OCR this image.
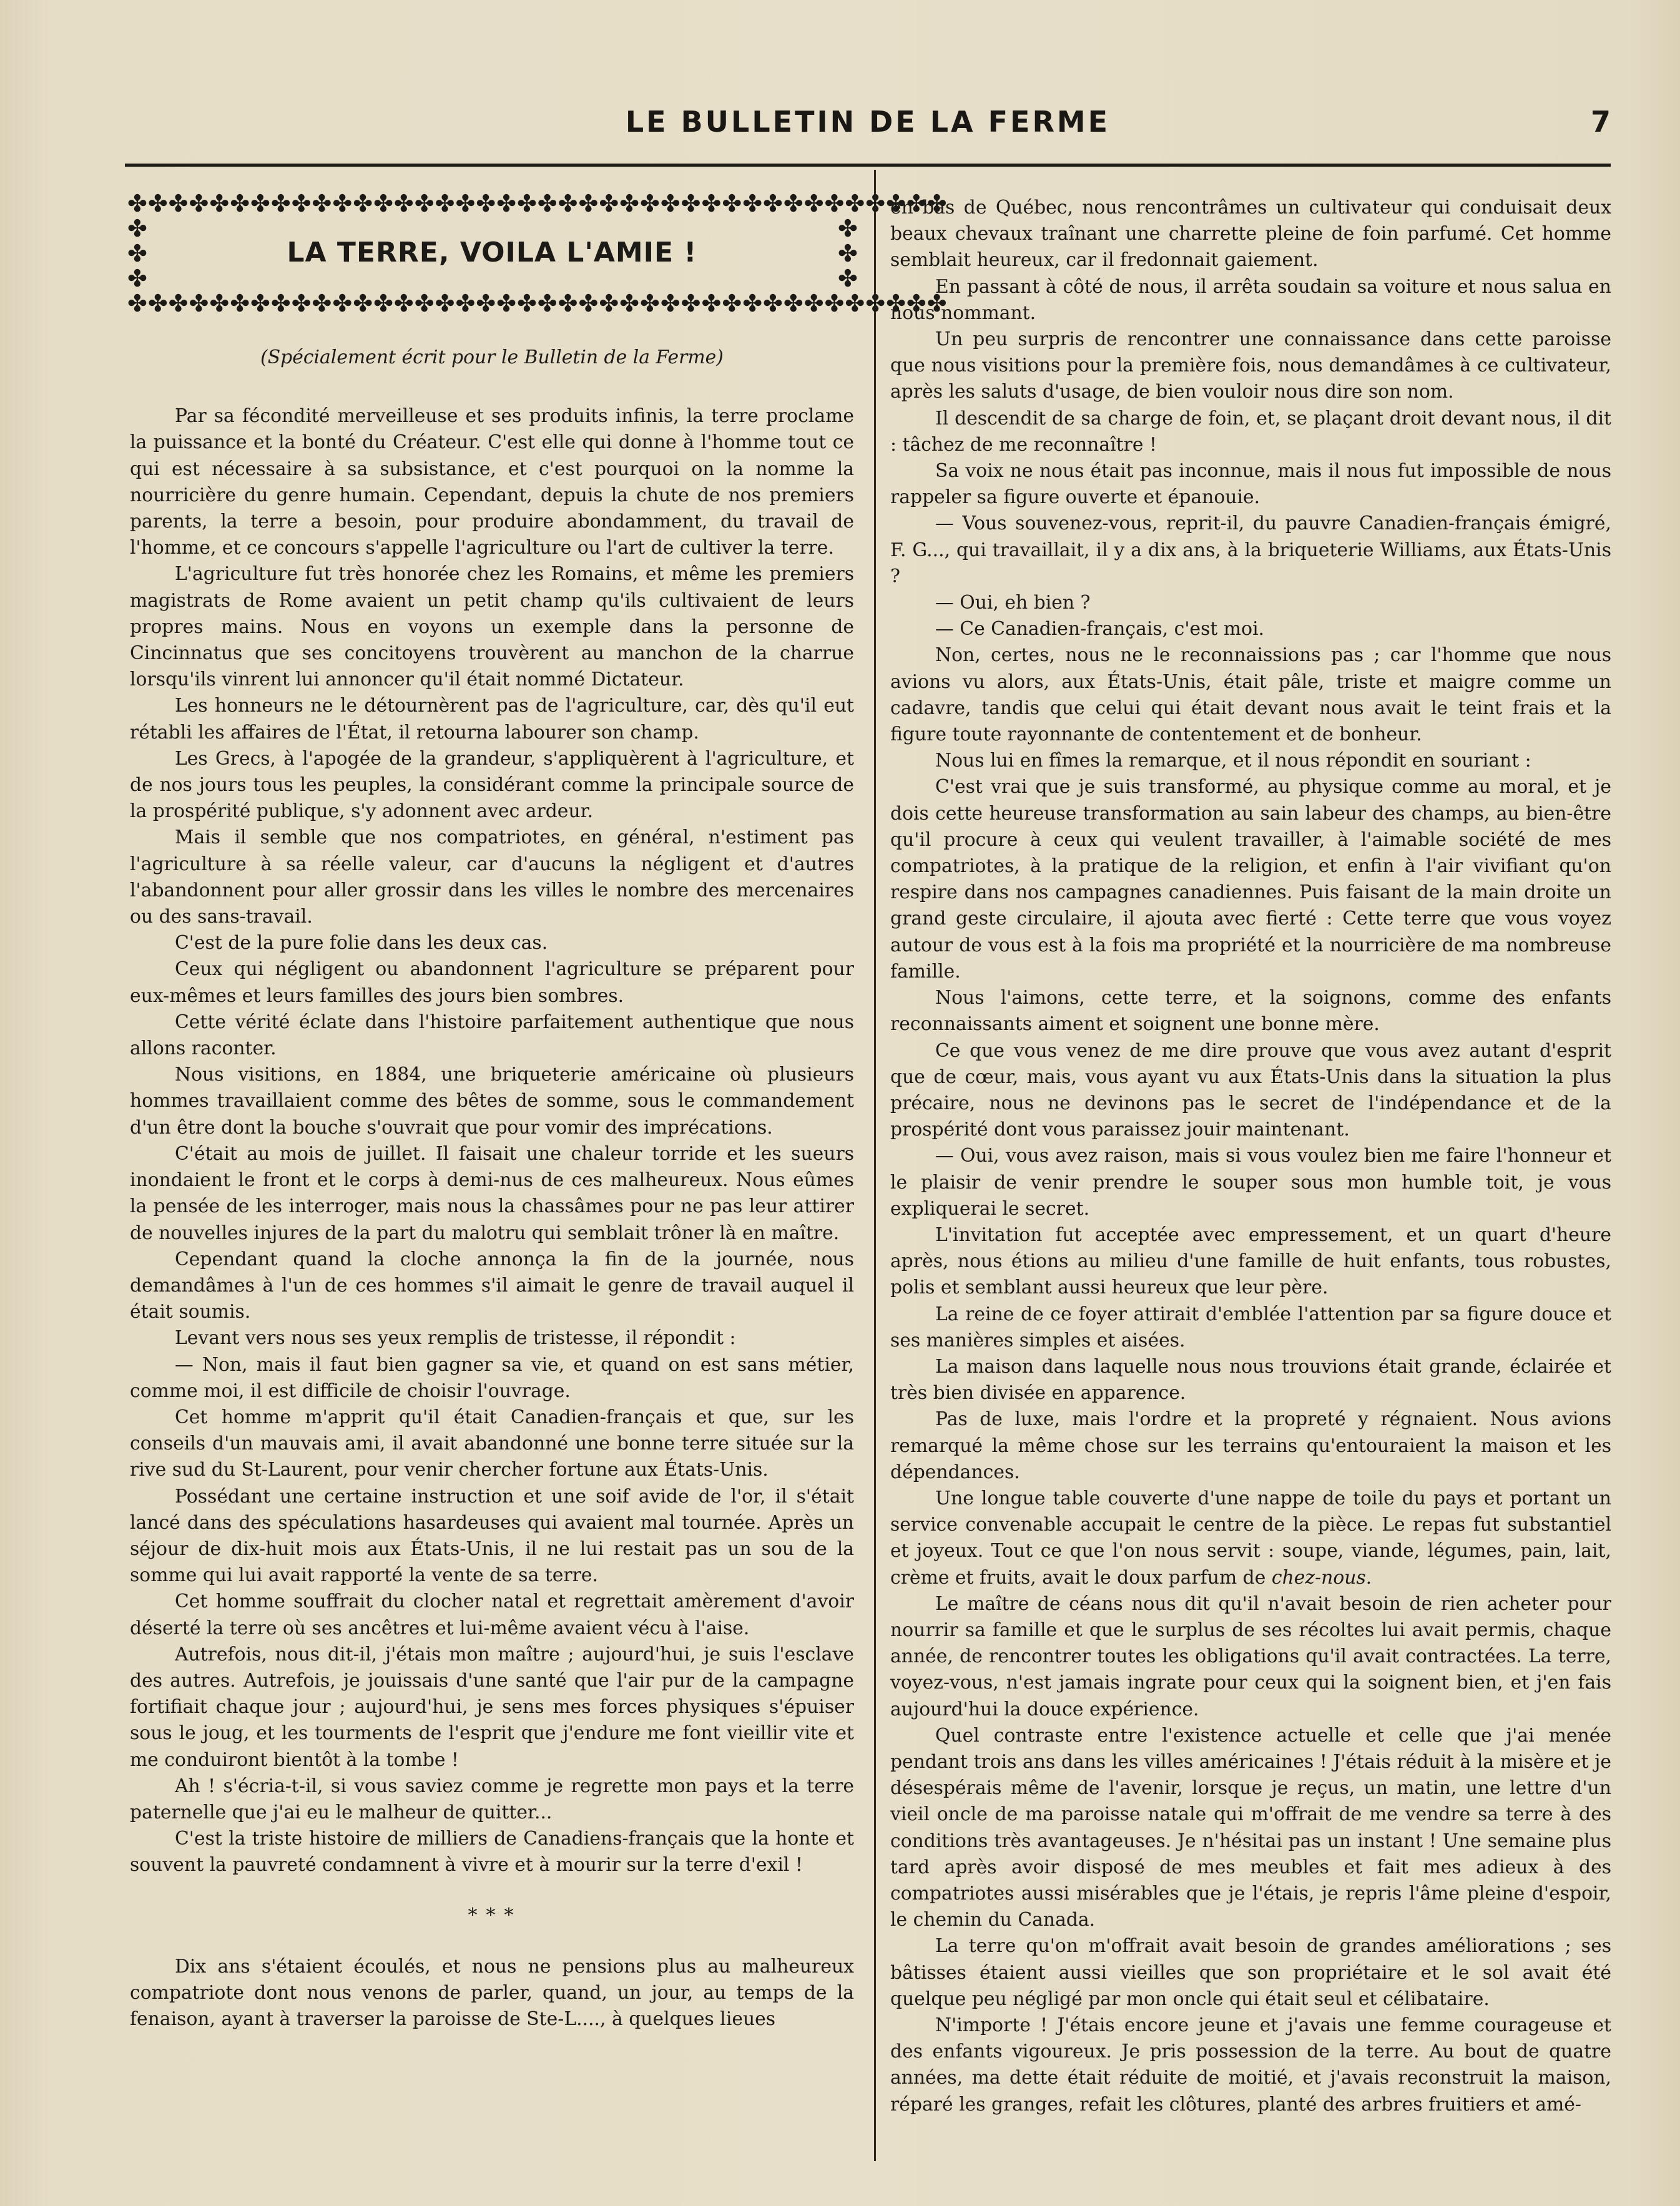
LE BULLETIN DE LA FERME	7
✤✤✤✤✤✤✤✤✤✤✤✤✤✤✤✤✤✤✤✤✤✤✤✤✤✤✤✤✤✤✤✤✤✤✤✤✤✤✤✤
✤
✤
✤
✤
✤
✤
✤✤✤✤✤✤✤✤✤✤✤✤✤✤✤✤✤✤✤✤✤✤✤✤✤✤✤✤✤✤✤✤✤✤✤✤✤✤✤✤
LA TERRE, VOILA L'AMIE !
(Spécialement écrit pour le Bulletin de la Ferme)

Par sa fécondité merveilleuse et ses produits infinis, la terre proclame la puissance et la bonté du Créateur. C'est elle qui donne à l'homme tout ce qui est nécessaire à sa subsistance, et c'est pourquoi on la nomme la nourricière du genre humain. Cependant, depuis la chute de nos premiers parents, la terre a besoin, pour produire abondamment, du travail de l'homme, et ce concours s'appelle l'agriculture ou l'art de cultiver la terre.

L'agriculture fut très honorée chez les Romains, et même les premiers magistrats de Rome avaient un petit champ qu'ils cultivaient de leurs propres mains. Nous en voyons un exemple dans la personne de Cincinnatus que ses concitoyens trouvèrent au manchon de la charrue lorsqu'ils vinrent lui annoncer qu'il était nommé Dictateur.

Les honneurs ne le détournèrent pas de l'agriculture, car, dès qu'il eut rétabli les affaires de l'État, il retourna labourer son champ.

Les Grecs, à l'apogée de la grandeur, s'appliquèrent à l'agriculture, et de nos jours tous les peuples, la considérant comme la principale source de la prospérité publique, s'y adonnent avec ardeur.

Mais il semble que nos compatriotes, en général, n'estiment pas l'agriculture à sa réelle valeur, car d'aucuns la négligent et d'autres l'abandonnent pour aller grossir dans les villes le nombre des mercenaires ou des sans-travail.

C'est de la pure folie dans les deux cas.

Ceux qui négligent ou abandonnent l'agriculture se préparent pour eux-mêmes et leurs familles des jours bien sombres.

Cette vérité éclate dans l'histoire parfaitement authentique que nous allons raconter.

Nous visitions, en 1884, une briqueterie américaine où plusieurs hommes travaillaient comme des bêtes de somme, sous le commandement d'un être dont la bouche s'ouvrait que pour vomir des imprécations.

C'était au mois de juillet. Il faisait une chaleur torride et les sueurs inondaient le front et le corps à demi-nus de ces malheureux. Nous eûmes la pensée de les interroger, mais nous la chassâmes pour ne pas leur attirer de nouvelles injures de la part du malotru qui semblait trôner là en maître.

Cependant quand la cloche annonça la fin de la journée, nous demandâmes à l'un de ces hommes s'il aimait le genre de travail auquel il était soumis.

Levant vers nous ses yeux remplis de tristesse, il répondit :

— Non, mais il faut bien gagner sa vie, et quand on est sans métier, comme moi, il est difficile de choisir l'ouvrage.

Cet homme m'apprit qu'il était Canadien-français et que, sur les conseils d'un mauvais ami, il avait abandonné une bonne terre située sur la rive sud du St-Laurent, pour venir chercher fortune aux États-Unis.

Possédant une certaine instruction et une soif avide de l'or, il s'était lancé dans des spéculations hasardeuses qui avaient mal tournée. Après un séjour de dix-huit mois aux États-Unis, il ne lui restait pas un sou de la somme qui lui avait rapporté la vente de sa terre.

Cet homme souffrait du clocher natal et regrettait amèrement d'avoir déserté la terre où ses ancêtres et lui-même avaient vécu à l'aise.

Autrefois, nous dit-il, j'étais mon maître ; aujourd'hui, je suis l'esclave des autres. Autrefois, je jouissais d'une santé que l'air pur de la campagne fortifiait chaque jour ; aujourd'hui, je sens mes forces physiques s'épuiser sous le joug, et les tourments de l'esprit que j'endure me font vieillir vite et me conduiront bientôt à la tombe !

Ah ! s'écria-t-il, si vous saviez comme je regrette mon pays et la terre paternelle que j'ai eu le malheur de quitter...

C'est la triste histoire de milliers de Canadiens-français que la honte et souvent la pauvreté condamnent à vivre et à mourir sur la terre d'exil !

* * *

Dix ans s'étaient écoulés, et nous ne pensions plus au malheureux compatriote dont nous venons de parler, quand, un jour, au temps de la fenaison, ayant à traverser la paroisse de Ste-L...., à quelques lieues

en bas de Québec, nous rencontrâmes un cultivateur qui conduisait deux beaux chevaux traînant une charrette pleine de foin parfumé. Cet homme semblait heureux, car il fredonnait gaiement.

En passant à côté de nous, il arrêta soudain sa voiture et nous salua en nous nommant.

Un peu surpris de rencontrer une connaissance dans cette paroisse que nous visitions pour la première fois, nous demandâmes à ce cultivateur, après les saluts d'usage, de bien vouloir nous dire son nom.

Il descendit de sa charge de foin, et, se plaçant droit devant nous, il dit : tâchez de me reconnaître !

Sa voix ne nous était pas inconnue, mais il nous fut impossible de nous rappeler sa figure ouverte et épanouie.

— Vous souvenez-vous, reprit-il, du pauvre Canadien-français émigré, F. G..., qui travaillait, il y a dix ans, à la briqueterie Williams, aux États-Unis ?

— Oui, eh bien ?

— Ce Canadien-français, c'est moi.

Non, certes, nous ne le reconnaissions pas ; car l'homme que nous avions vu alors, aux États-Unis, était pâle, triste et maigre comme un cadavre, tandis que celui qui était devant nous avait le teint frais et la figure toute rayonnante de contentement et de bonheur.

Nous lui en fîmes la remarque, et il nous répondit en souriant :

C'est vrai que je suis transformé, au physique comme au moral, et je dois cette heureuse transformation au sain labeur des champs, au bien-être qu'il procure à ceux qui veulent travailler, à l'aimable société de mes compatriotes, à la pratique de la religion, et enfin à l'air vivifiant qu'on respire dans nos campagnes canadiennes. Puis faisant de la main droite un grand geste circulaire, il ajouta avec fierté : Cette terre que vous voyez autour de vous est à la fois ma propriété et la nourricière de ma nombreuse famille.

Nous l'aimons, cette terre, et la soignons, comme des enfants reconnaissants aiment et soignent une bonne mère.

Ce que vous venez de me dire prouve que vous avez autant d'esprit que de cœur, mais, vous ayant vu aux États-Unis dans la situation la plus précaire, nous ne devinons pas le secret de l'indépendance et de la prospérité dont vous paraissez jouir maintenant.

— Oui, vous avez raison, mais si vous voulez bien me faire l'honneur et le plaisir de venir prendre le souper sous mon humble toit, je vous expliquerai le secret.

L'invitation fut acceptée avec empressement, et un quart d'heure après, nous étions au milieu d'une famille de huit enfants, tous robustes, polis et semblant aussi heureux que leur père.

La reine de ce foyer attirait d'emblée l'attention par sa figure douce et ses manières simples et aisées.

La maison dans laquelle nous nous trouvions était grande, éclairée et très bien divisée en apparence.

Pas de luxe, mais l'ordre et la propreté y régnaient. Nous avions remarqué la même chose sur les terrains qu'entouraient la maison et les dépendances.

Une longue table couverte d'une nappe de toile du pays et portant un service convenable accupait le centre de la pièce. Le repas fut substantiel et joyeux. Tout ce que l'on nous servit : soupe, viande, légumes, pain, lait, crème et fruits, avait le doux parfum de chez-nous.

Le maître de céans nous dit qu'il n'avait besoin de rien acheter pour nourrir sa famille et que le surplus de ses récoltes lui avait permis, chaque année, de rencontrer toutes les obligations qu'il avait contractées. La terre, voyez-vous, n'est jamais ingrate pour ceux qui la soignent bien, et j'en fais aujourd'hui la douce expérience.

Quel contraste entre l'existence actuelle et celle que j'ai menée pendant trois ans dans les villes américaines ! J'étais réduit à la misère et je désespérais même de l'avenir, lorsque je reçus, un matin, une lettre d'un vieil oncle de ma paroisse natale qui m'offrait de me vendre sa terre à des conditions très avantageuses. Je n'hésitai pas un instant ! Une semaine plus tard après avoir disposé de mes meubles et fait mes adieux à des compatriotes aussi misérables que je l'étais, je repris l'âme pleine d'espoir, le chemin du Canada.

La terre qu'on m'offrait avait besoin de grandes améliorations ; ses bâtisses étaient aussi vieilles que son propriétaire et le sol avait été quelque peu négligé par mon oncle qui était seul et célibataire.

N'importe ! J'étais encore jeune et j'avais une femme courageuse et des enfants vigoureux. Je pris possession de la terre. Au bout de quatre années, ma dette était réduite de moitié, et j'avais reconstruit la maison, réparé les granges, refait les clôtures, planté des arbres fruitiers et amé-
